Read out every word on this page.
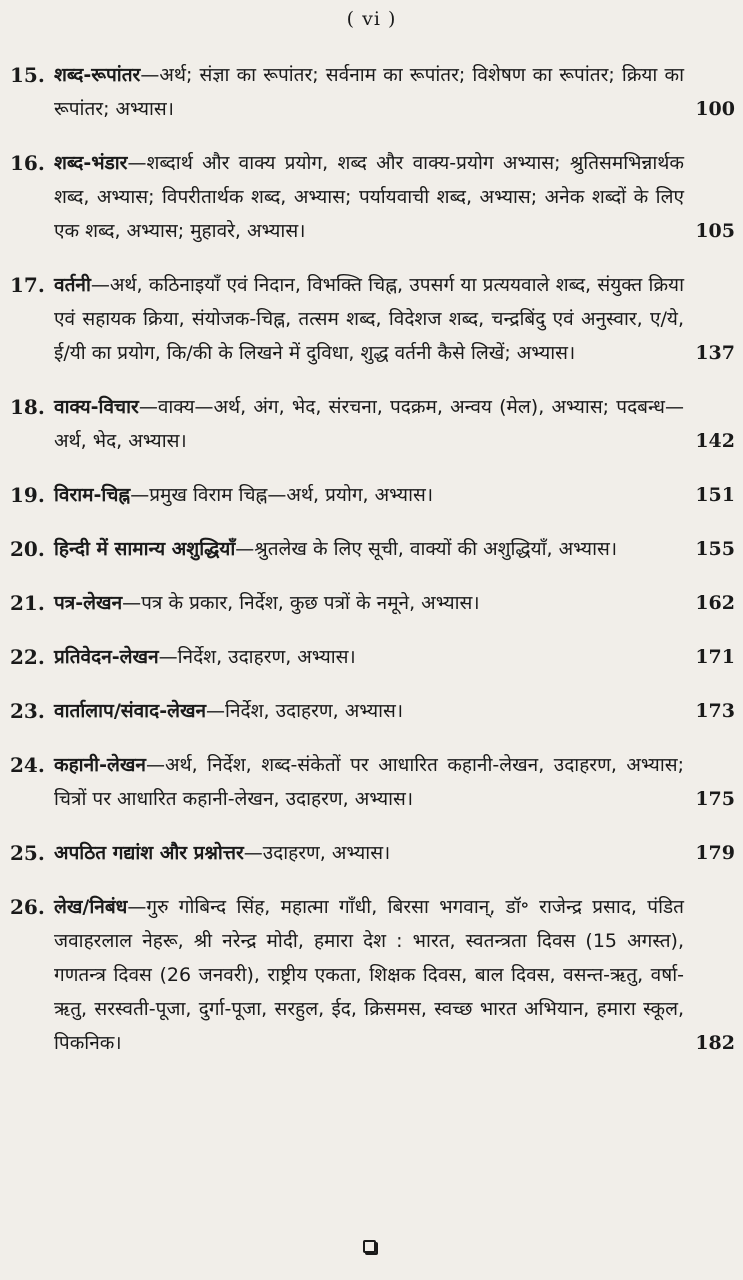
( vi )
15. शब्द-रूपांतर—अर्थ; संज्ञा का रूपांतर; सर्वनाम का रूपांतर; विशेषण का रूपांतर; क्रिया का रूपांतर; अभ्यास।	100
16. शब्द-भंडार—शब्दार्थ और वाक्य प्रयोग, शब्द और वाक्य-प्रयोग अभ्यास; श्रुतिसमभिन्नार्थक शब्द, अभ्यास; विपरीतार्थक शब्द, अभ्यास; पर्यायवाची शब्द, अभ्यास; अनेक शब्दों के लिए एक शब्द, अभ्यास; मुहावरे, अभ्यास।	105
17. वर्तनी—अर्थ, कठिनाइयाँ एवं निदान, विभक्ति चिह्न, उपसर्ग या प्रत्ययवाले शब्द, संयुक्त क्रिया एवं सहायक क्रिया, संयोजक-चिह्न, तत्सम शब्द, विदेशज शब्द, चन्द्रबिंदु एवं अनुस्वार, ए/ये, ई/यी का प्रयोग, कि/की के लिखने में दुविधा, शुद्ध वर्तनी कैसे लिखें; अभ्यास।	137
18. वाक्य-विचार—वाक्य—अर्थ, अंग, भेद, संरचना, पदक्रम, अन्वय (मेल), अभ्यास; पदबन्ध—अर्थ, भेद, अभ्यास।	142
19. विराम-चिह्न—प्रमुख विराम चिह्न—अर्थ, प्रयोग, अभ्यास।	151
20. हिन्दी में सामान्य अशुद्धियाँ—श्रुतलेख के लिए सूची, वाक्यों की अशुद्धियाँ, अभ्यास।	155
21. पत्र-लेखन—पत्र के प्रकार, निर्देश, कुछ पत्रों के नमूने, अभ्यास।	162
22. प्रतिवेदन-लेखन—निर्देश, उदाहरण, अभ्यास।	171
23. वार्तालाप/संवाद-लेखन—निर्देश, उदाहरण, अभ्यास।	173
24. कहानी-लेखन—अर्थ, निर्देश, शब्द-संकेतों पर आधारित कहानी-लेखन, उदाहरण, अभ्यास; चित्रों पर आधारित कहानी-लेखन, उदाहरण, अभ्यास।	175
25. अपठित गद्यांश और प्रश्नोत्तर—उदाहरण, अभ्यास।	179
26. लेख/निबंध—गुरु गोबिन्द सिंह, महात्मा गाँधी, बिरसा भगवान्, डॉ॰ राजेन्द्र प्रसाद, पंडित जवाहरलाल नेहरू, श्री नरेन्द्र मोदी, हमारा देश : भारत, स्वतन्त्रता दिवस (15 अगस्त), गणतन्त्र दिवस (26 जनवरी), राष्ट्रीय एकता, शिक्षक दिवस, बाल दिवस, वसन्त-ऋतु, वर्षा-ऋतु, सरस्वती-पूजा, दुर्गा-पूजा, सरहुल, ईद, क्रिसमस, स्वच्छ भारत अभियान, हमारा स्कूल, पिकनिक।	182
